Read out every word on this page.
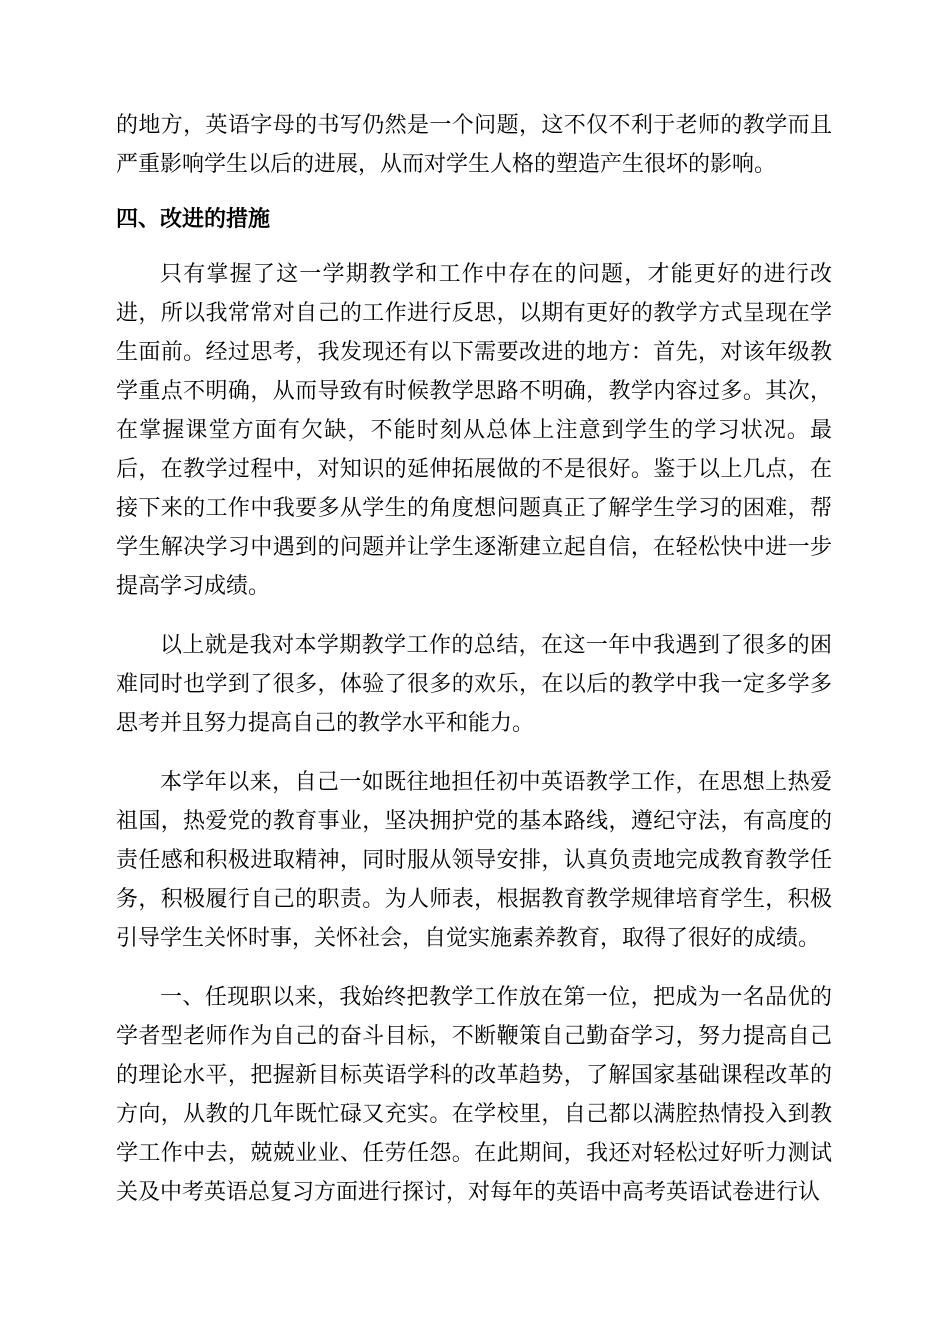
的地方，英语字母的书写仍然是一个问题，这不仅不利于老师的教学而且严重影响学生以后的进展，从而对学生人格的塑造产生很坏的影响。

四、改进的措施

只有掌握了这一学期教学和工作中存在的问题，才能更好的进行改进，所以我常常对自己的工作进行反思，以期有更好的教学方式呈现在学生面前。经过思考，我发现还有以下需要改进的地方：首先，对该年级教学重点不明确，从而导致有时候教学思路不明确，教学内容过多。其次，在掌握课堂方面有欠缺，不能时刻从总体上注意到学生的学习状况。最后，在教学过程中，对知识的延伸拓展做的不是很好。鉴于以上几点，在接下来的工作中我要多从学生的角度想问题真正了解学生学习的困难，帮学生解决学习中遇到的问题并让学生逐渐建立起自信，在轻松快中进一步提高学习成绩。

以上就是我对本学期教学工作的总结，在这一年中我遇到了很多的困难同时也学到了很多，体验了很多的欢乐，在以后的教学中我一定多学多思考并且努力提高自己的教学水平和能力。

本学年以来，自己一如既往地担任初中英语教学工作，在思想上热爱祖国，热爱党的教育事业，坚决拥护党的基本路线，遵纪守法，有高度的责任感和积极进取精神，同时服从领导安排，认真负责地完成教育教学任务，积极履行自己的职责。为人师表，根据教育教学规律培育学生，积极引导学生关怀时事，关怀社会，自觉实施素养教育，取得了很好的成绩。

一、任现职以来，我始终把教学工作放在第一位，把成为一名品优的学者型老师作为自己的奋斗目标，不断鞭策自己勤奋学习，努力提高自己的理论水平，把握新目标英语学科的改革趋势，了解国家基础课程改革的方向，从教的几年既忙碌又充实。在学校里，自己都以满腔热情投入到教学工作中去，兢兢业业、任劳任怨。在此期间，我还对轻松过好听力测试关及中考英语总复习方面进行探讨，对每年的英语中高考英语试卷进行认
